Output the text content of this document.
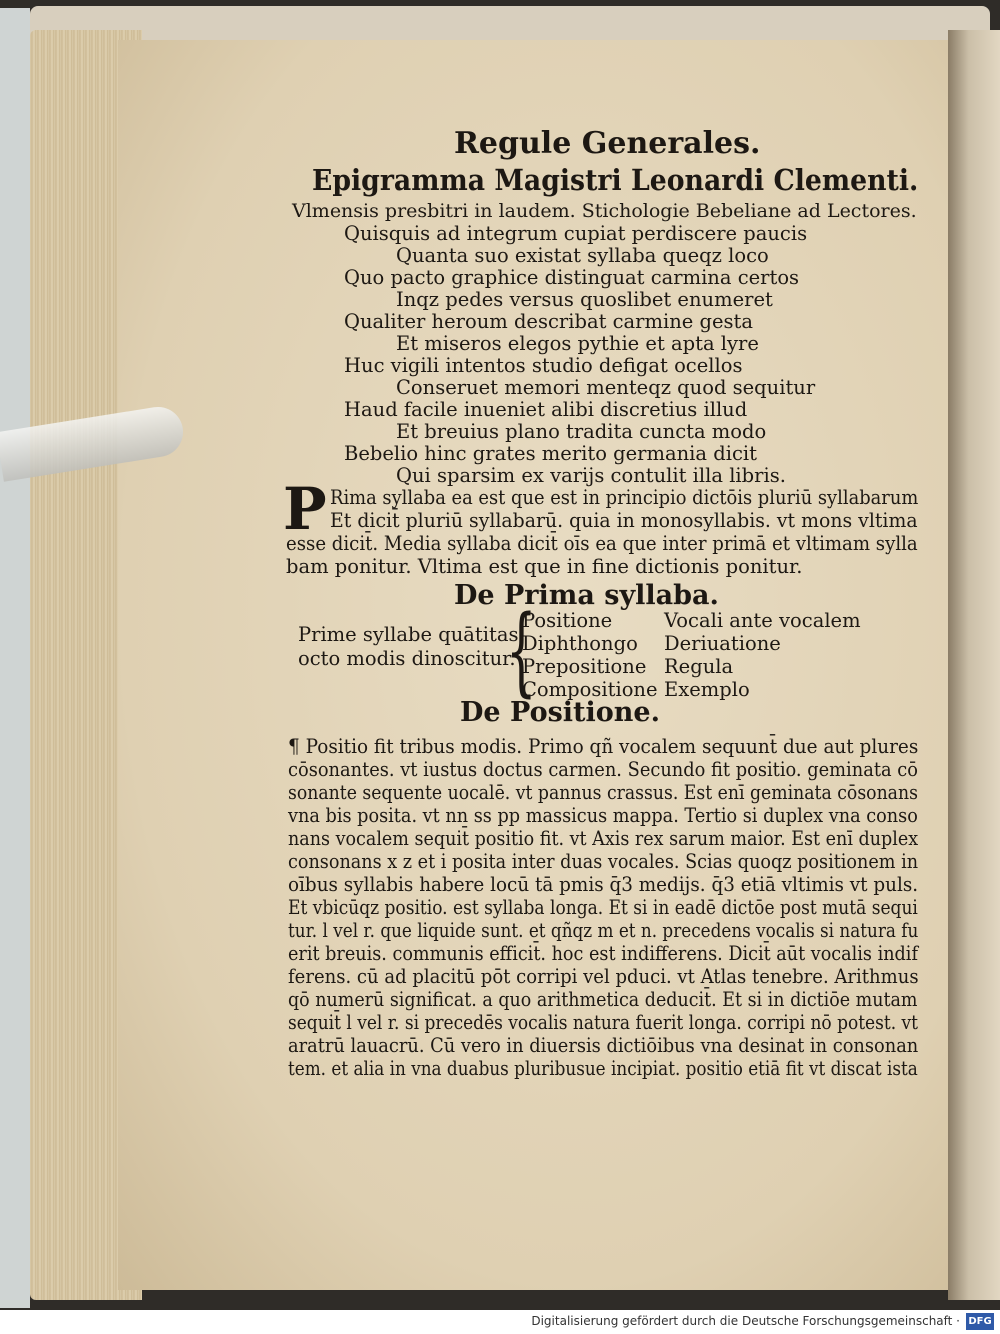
Regule Generales.
Epigramma Magistri Leonardi Clementi.
Vlmensis presbitri in laudem. Stichologie Bebeliane ad Lectores.
Quisquis ad integrum cupiat perdiscere paucis
Quanta suo existat syllaba queqz loco
Quo pacto graphice distinguat carmina certos
Inqz pedes versus quoslibet enumeret
Qualiter heroum describat carmine gesta
Et miseros elegos pythie et apta lyre
Huc vigili intentos studio defigat ocellos
Conseruet memori menteqz quod sequitur
Haud facile inueniet alibi discretius illud
Et breuius plano tradita cuncta modo
Bebelio hinc grates merito germania dicit
Qui sparsim ex varijs contulit illa libris.
P Rima syllaba ea est que est in principio dictōis pluriū syllabarum
Et dicit̄ pluriū syllabarū. quia in monosyllabis. vt mons vltima
esse dicit̄. Media syllaba dicit̄ oīs ea que inter primā et vltimam sylla
bam ponitur. Vltima est que in fine dictionis ponitur.
De Prima syllaba.
Prime syllabe quātitas
octo modis dinoscitur.
{
Positione
Diphthongo
Prepositione
Compositione
Vocali ante vocalem
Deriuatione
Regula
Exemplo
De Positione.
¶ Positio fit tribus modis. Primo qñ vocalem sequunt̄ due aut plures
cōsonantes. vt iustus doctus carmen. Secundo fit positio. geminata cō
sonante sequente uocalē. vt pannus crassus. Est enī geminata cōsonans
vna bis posita. vt nn ss pp massicus mappa. Tertio si duplex vna conso
nans vocalem sequit̄ positio fit. vt Axis rex sarum maior. Est enī duplex
consonans x z et i posita inter duas vocales. Scias quoqz positionem in
oībus syllabis habere locū tā pmis q̄3 medijs. q̄3 etiā vltimis vt puls.
Et vbicūqz positio. est syllaba longa. Et si in eadē dictōe post mutā sequi
tur. l vel r. que liquide sunt. et qñqz m et n. precedens vocalis si natura fu
erit breuis. communis efficit̄. hoc est indifferens. Dicit̄ aūt vocalis indif
ferens. cū ad placitū pōt corripi vel pduci. vt Atlas tenebre. Arithmus
qō numerū significat. a quo arithmetica deducit̄. Et si in dictiōe mutam
sequit̄ l vel r. si precedēs vocalis natura fuerit longa. corripi nō potest. vt
aratrū lauacrū. Cū vero in diuersis dictiōibus vna desinat in consonan
tem. et alia in vna duabus pluribusue incipiat. positio etiā fit vt discat ista
Digitalisierung gefördert durch die Deutsche Forschungsgemeinschaft · DFG
